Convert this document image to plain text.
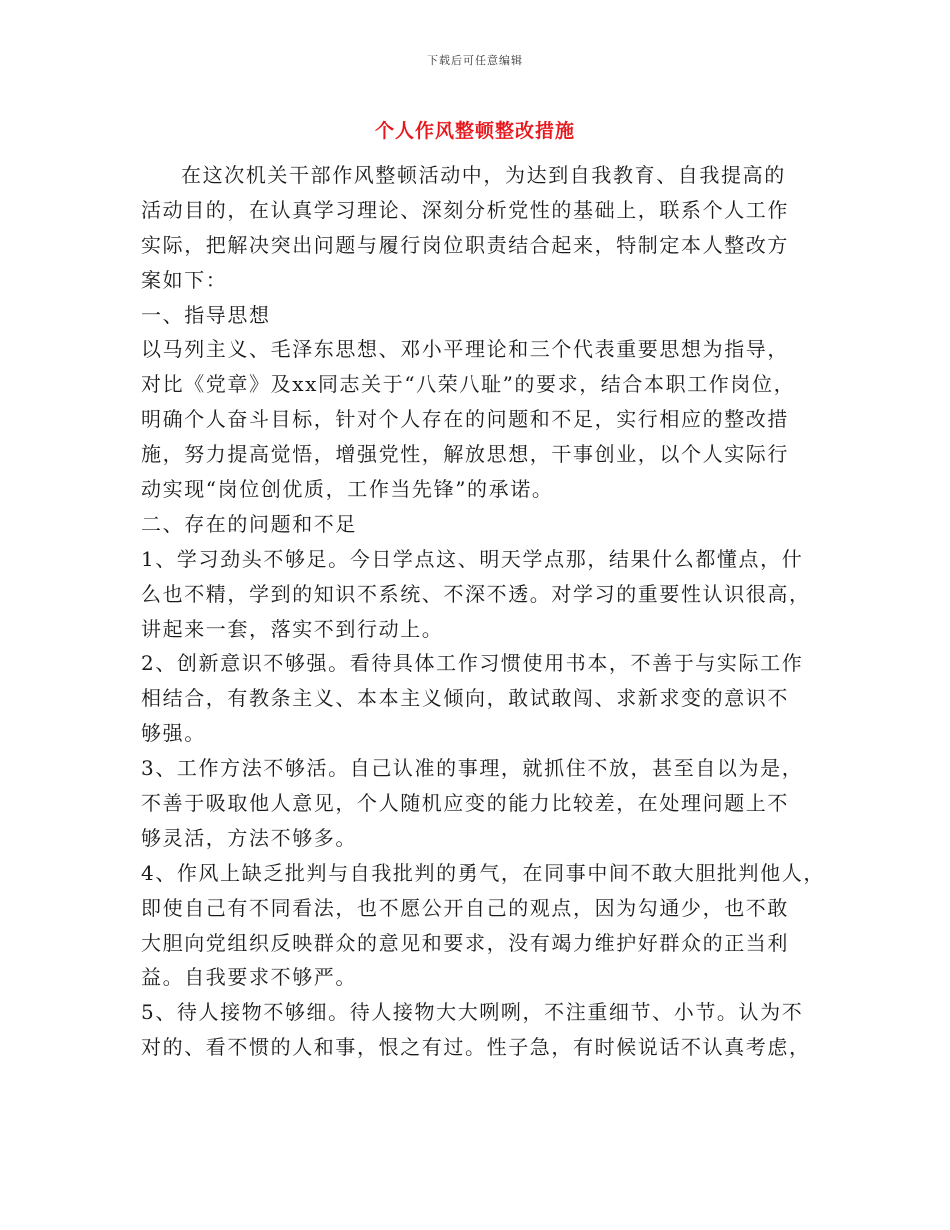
下载后可任意编辑
个人作风整顿整改措施
在这次机关干部作风整顿活动中，为达到自我教育、自我提高的
活动目的，在认真学习理论、深刻分析党性的基础上，联系个人工作
实际，把解决突出问题与履行岗位职责结合起来，特制定本人整改方
案如下：
一、指导思想
以马列主义、毛泽东思想、邓小平理论和三个代表重要思想为指导，
对比《党章》及xx同志关于“八荣八耻”的要求，结合本职工作岗位，
明确个人奋斗目标，针对个人存在的问题和不足，实行相应的整改措
施，努力提高觉悟，增强党性，解放思想，干事创业，以个人实际行
动实现“岗位创优质，工作当先锋”的承诺。
二、存在的问题和不足
1、学习劲头不够足。今日学点这、明天学点那，结果什么都懂点，什
么也不精，学到的知识不系统、不深不透。对学习的重要性认识很高，
讲起来一套，落实不到行动上。
2、创新意识不够强。看待具体工作习惯使用书本，不善于与实际工作
相结合，有教条主义、本本主义倾向，敢试敢闯、求新求变的意识不
够强。
3、工作方法不够活。自己认准的事理，就抓住不放，甚至自以为是，
不善于吸取他人意见，个人随机应变的能力比较差，在处理问题上不
够灵活，方法不够多。
4、作风上缺乏批判与自我批判的勇气，在同事中间不敢大胆批判他人，
即使自己有不同看法，也不愿公开自己的观点，因为勾通少，也不敢
大胆向党组织反映群众的意见和要求，没有竭力维护好群众的正当利
益。自我要求不够严。
5、待人接物不够细。待人接物大大咧咧，不注重细节、小节。认为不
对的、看不惯的人和事，恨之有过。性子急，有时候说话不认真考虑，
